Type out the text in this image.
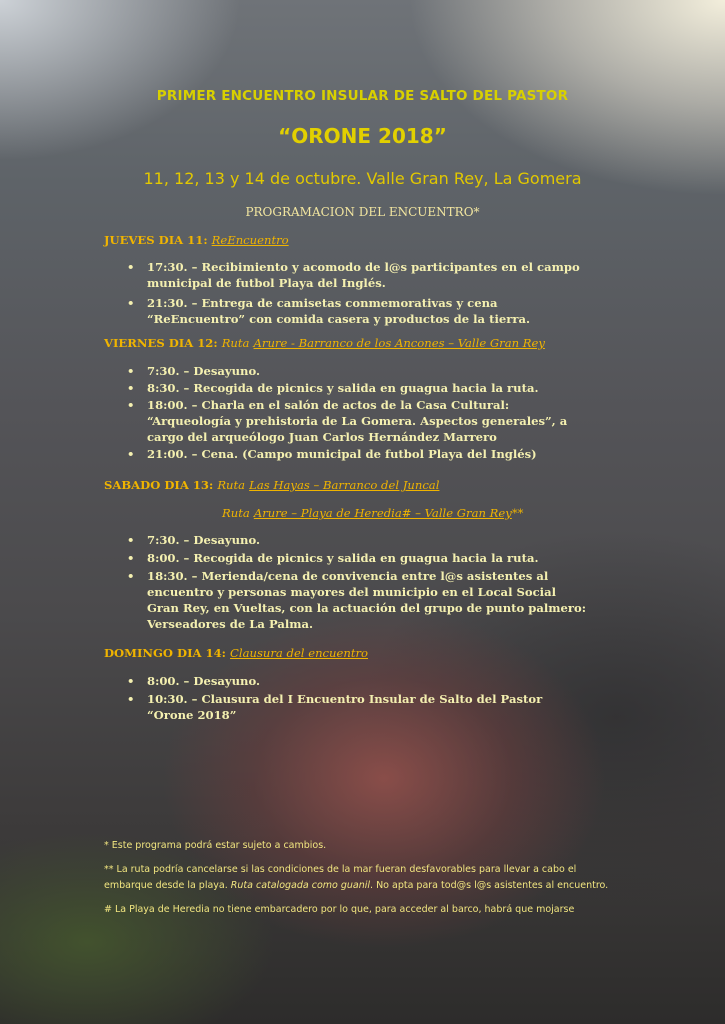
PRIMER ENCUENTRO INSULAR DE SALTO DEL PASTOR
“ORONE 2018”
11, 12, 13 y 14 de octubre. Valle Gran Rey, La Gomera
PROGRAMACION DEL ENCUENTRO*
JUEVES DIA 11: ReEncuentro
• 17:30. – Recibimiento y acomodo de l@s participantes en el campo
municipal de futbol Playa del Inglés.
• 21:30. – Entrega de camisetas conmemorativas y cena
“ReEncuentro” con comida casera y productos de la tierra.
VIERNES DIA 12: Ruta Arure - Barranco de los Ancones – Valle Gran Rey
• 7:30. – Desayuno.
• 8:30. – Recogida de picnics y salida en guagua hacia la ruta.
• 18:00. – Charla en el salón de actos de la Casa Cultural:
“Arqueología y prehistoria de La Gomera. Aspectos generales”, a
cargo del arqueólogo Juan Carlos Hernández Marrero
• 21:00. – Cena. (Campo municipal de futbol Playa del Inglés)
SABADO DIA 13: Ruta Las Hayas – Barranco del Juncal
Ruta Arure – Playa de Heredia# – Valle Gran Rey**
• 7:30. – Desayuno.
• 8:00. – Recogida de picnics y salida en guagua hacia la ruta.
• 18:30. – Merienda/cena de convivencia entre l@s asistentes al
encuentro y personas mayores del municipio en el Local Social
Gran Rey, en Vueltas, con la actuación del grupo de punto palmero:
Verseadores de La Palma.
DOMINGO DIA 14: Clausura del encuentro
• 8:00. – Desayuno.
• 10:30. – Clausura del I Encuentro Insular de Salto del Pastor
“Orone 2018”

* Este programa podrá estar sujeto a cambios.

** La ruta podría cancelarse si las condiciones de la mar fueran desfavorables para llevar a cabo el embarque desde la playa. Ruta catalogada como guanil. No apta para tod@s l@s asistentes al encuentro.

# La Playa de Heredia no tiene embarcadero por lo que, para acceder al barco, habrá que mojarse
